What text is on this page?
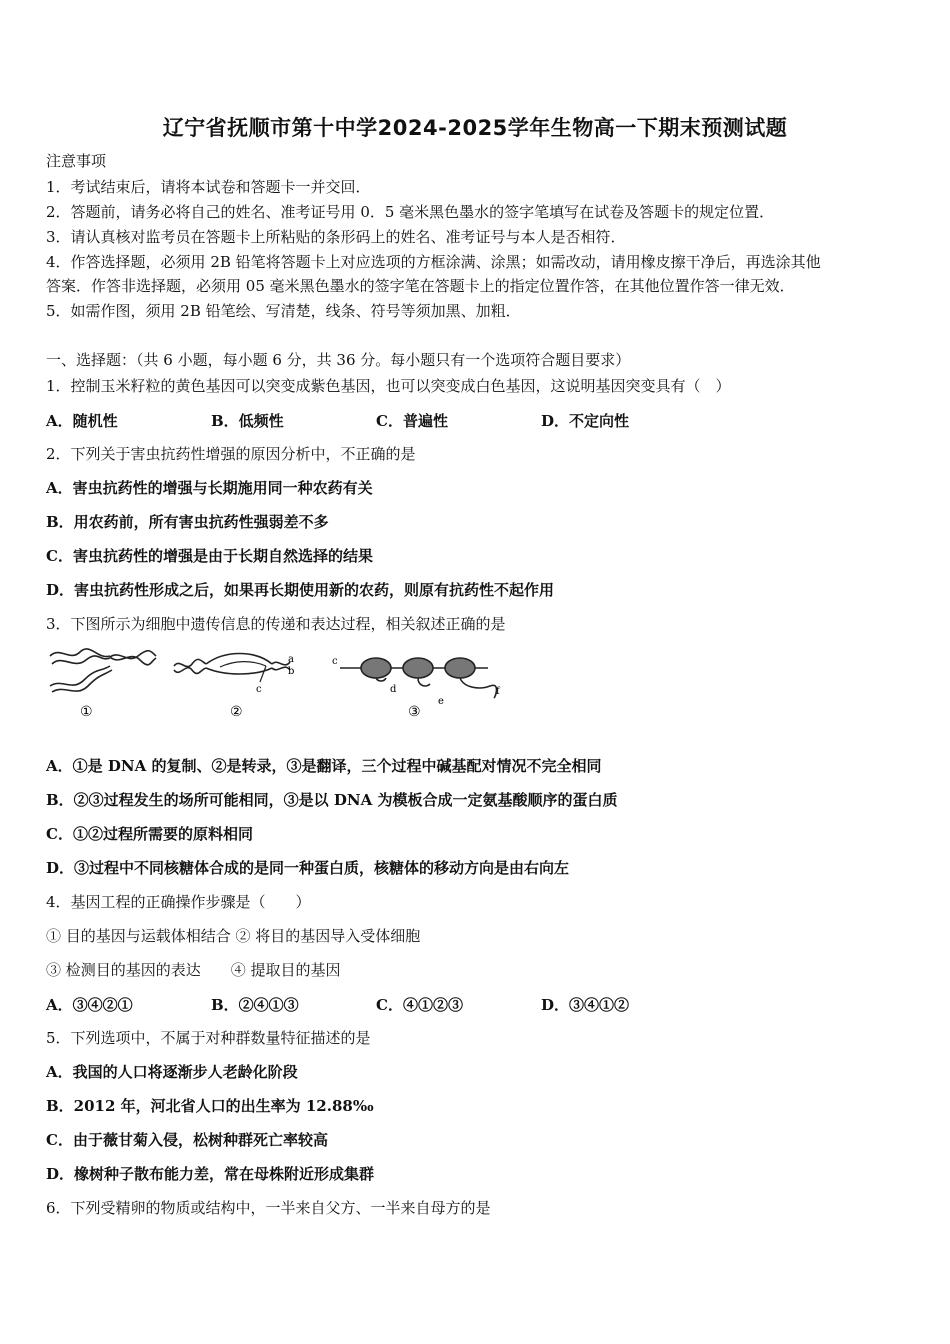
辽宁省抚顺市第十中学2024-2025学年生物高一下期末预测试题
注意事项
1．考试结束后，请将本试卷和答题卡一并交回．
2．答题前，请务必将自己的姓名、准考证号用 0．5 毫米黑色墨水的签字笔填写在试卷及答题卡的规定位置．
3．请认真核对监考员在答题卡上所粘贴的条形码上的姓名、准考证号与本人是否相符．
4．作答选择题，必须用 2B 铅笔将答题卡上对应选项的方框涂满、涂黑；如需改动，请用橡皮擦干净后，再选涂其他
答案．作答非选择题，必须用 05 毫米黑色墨水的签字笔在答题卡上的指定位置作答，在其他位置作答一律无效．
5．如需作图，须用 2B 铅笔绘、写清楚，线条、符号等须加黑、加粗．
一、选择题：（共 6 小题，每小题 6 分，共 36 分。每小题只有一个选项符合题目要求）
1．控制玉米籽粒的黄色基因可以突变成紫色基因，也可以突变成白色基因，这说明基因突变具有（　）
A．随机性	B．低频性	C．普遍性	D．不定向性
2．下列关于害虫抗药性增强的原因分析中，不正确的是
A．害虫抗药性的增强与长期施用同一种农药有关
B．用农药前，所有害虫抗药性强弱差不多
C．害虫抗药性的增强是由于长期自然选择的结果
D．害虫抗药性形成之后，如果再长期使用新的农药，则原有抗药性不起作用
3．下图所示为细胞中遗传信息的传递和表达过程，相关叙述正确的是
①
a
b
c
②
c
d
e
f
③
A．①是 DNA 的复制、②是转录，③是翻译，三个过程中碱基配对情况不完全相同
B．②③过程发生的场所可能相同，③是以 DNA 为模板合成一定氨基酸顺序的蛋白质
C．①②过程所需要的原料相同
D．③过程中不同核糖体合成的是同一种蛋白质，核糖体的移动方向是由右向左
4．基因工程的正确操作步骤是（　　）
① 目的基因与运载体相结合 ② 将目的基因导入受体细胞
③ 检测目的基因的表达　　④ 提取目的基因
A．③④②①	B．②④①③	C．④①②③	D．③④①②
5．下列选项中，不属于对种群数量特征描述的是
A．我国的人口将逐渐步人老龄化阶段
B．2012 年，河北省人口的出生率为 12.88‰
C．由于薇甘菊入侵，松树种群死亡率较高
D．橡树种子散布能力差，常在母株附近形成集群
6．下列受精卵的物质或结构中，一半来自父方、一半来自母方的是
